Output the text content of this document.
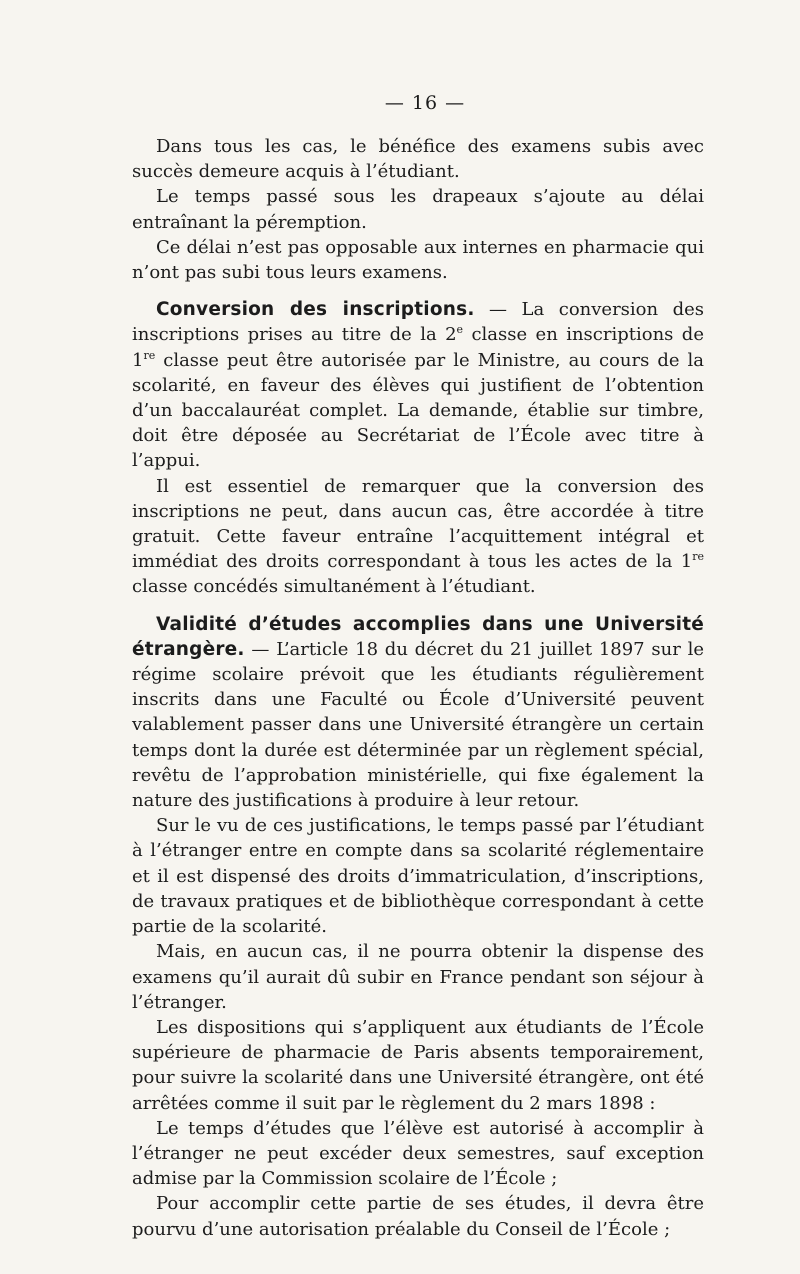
— 16 —

Dans tous les cas, le bénéfice des examens subis avec succès demeure acquis à l’étudiant.

Le temps passé sous les drapeaux s’ajoute au délai entraînant la péremption.

Ce délai n’est pas opposable aux internes en pharmacie qui n’ont pas subi tous leurs examens.

Conversion des inscriptions. — La conversion des inscriptions prises au titre de la 2e classe en inscriptions de 1re classe peut être autorisée par le Ministre, au cours de la scolarité, en faveur des élèves qui justifient de l’obtention d’un baccalauréat complet. La demande, établie sur timbre, doit être déposée au Secrétariat de l’École avec titre à l’appui.

Il est essentiel de remarquer que la conversion des inscriptions ne peut, dans aucun cas, être accordée à titre gratuit. Cette faveur entraîne l’acquittement intégral et immédiat des droits correspondant à tous les actes de la 1re classe concédés simultanément à l’étudiant.

Validité d’études accomplies dans une Université étrangère. — L’article 18 du décret du 21 juillet 1897 sur le régime scolaire prévoit que les étudiants régulièrement inscrits dans une Faculté ou École d’Université peuvent valablement passer dans une Université étrangère un certain temps dont la durée est déterminée par un règlement spécial, revêtu de l’approbation ministérielle, qui fixe également la nature des justifications à produire à leur retour.

Sur le vu de ces justifications, le temps passé par l’étudiant à l’étranger entre en compte dans sa scolarité réglementaire et il est dispensé des droits d’immatriculation, d’inscriptions, de travaux pratiques et de bibliothèque correspondant à cette partie de la scolarité.

Mais, en aucun cas, il ne pourra obtenir la dispense des examens qu’il aurait dû subir en France pendant son séjour à l’étranger.

Les dispositions qui s’appliquent aux étudiants de l’École supérieure de pharmacie de Paris absents temporairement, pour suivre la scolarité dans une Université étrangère, ont été arrêtées comme il suit par le règlement du 2 mars 1898 :

Le temps d’études que l’élève est autorisé à accomplir à l’étranger ne peut excéder deux semestres, sauf exception admise par la Commission scolaire de l’École ;

Pour accomplir cette partie de ses études, il devra être pourvu d’une autorisation préalable du Conseil de l’École ;
